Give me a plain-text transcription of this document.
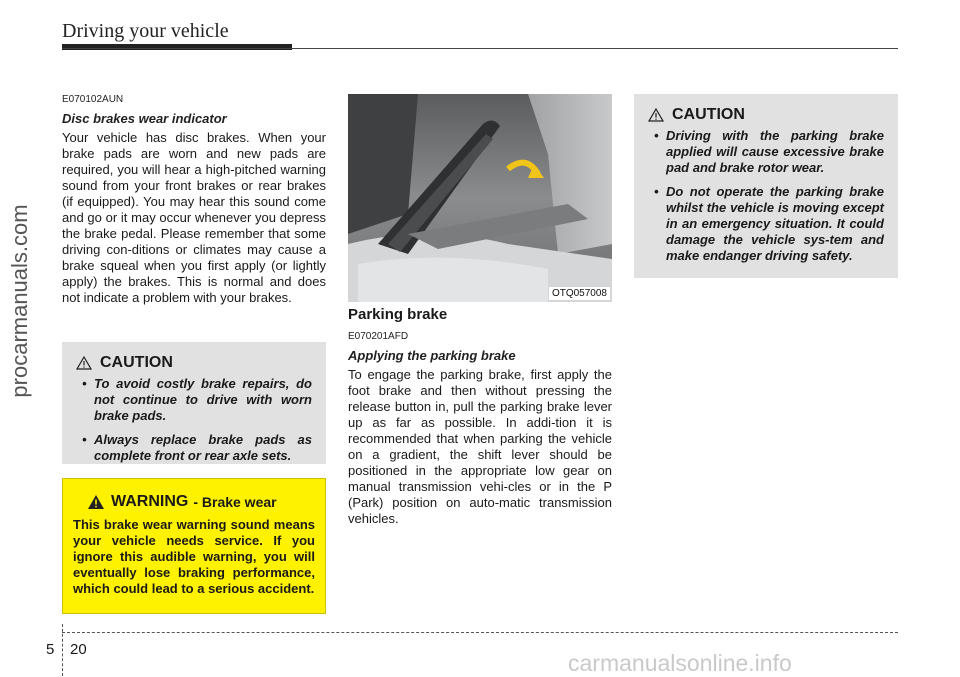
Driving your vehicle
procarmanuals.com

E070102AUN

Disc brakes wear indicator

Your vehicle has disc brakes. When your brake pads are worn and new pads are required, you will hear a high-pitched warning sound from your front brakes or rear brakes (if equipped). You may hear this sound come and go or it may occur whenever you depress the brake pedal. Please remember that some driving con-ditions or climates may cause a brake squeal when you first apply (or lightly apply) the brakes. This is normal and does not indicate a problem with your brakes.

CAUTION
• To avoid costly brake repairs, do not continue to drive with worn brake pads.
• Always replace brake pads as complete front or rear axle sets.
WARNING - Brake wear

This brake wear warning sound means your vehicle needs service. If you ignore this audible warning, you will eventually lose braking performance, which could lead to a serious accident.

OTQ057008

Parking brake

E070201AFD

Applying the parking brake

To engage the parking brake, first apply the foot brake and then without pressing the release button in, pull the parking brake lever up as far as possible. In addi-tion it is recommended that when parking the vehicle on a gradient, the shift lever should be positioned in the appropriate low gear on manual transmission vehi-cles or in the P (Park) position on auto-matic transmission vehicles.

CAUTION
• Driving with the parking brake applied will cause excessive brake pad and brake rotor wear.
• Do not operate the parking brake whilst the vehicle is moving except in an emergency situation. It could damage the vehicle sys-tem and make endanger driving safety.
5 20
carmanualsonline.info
